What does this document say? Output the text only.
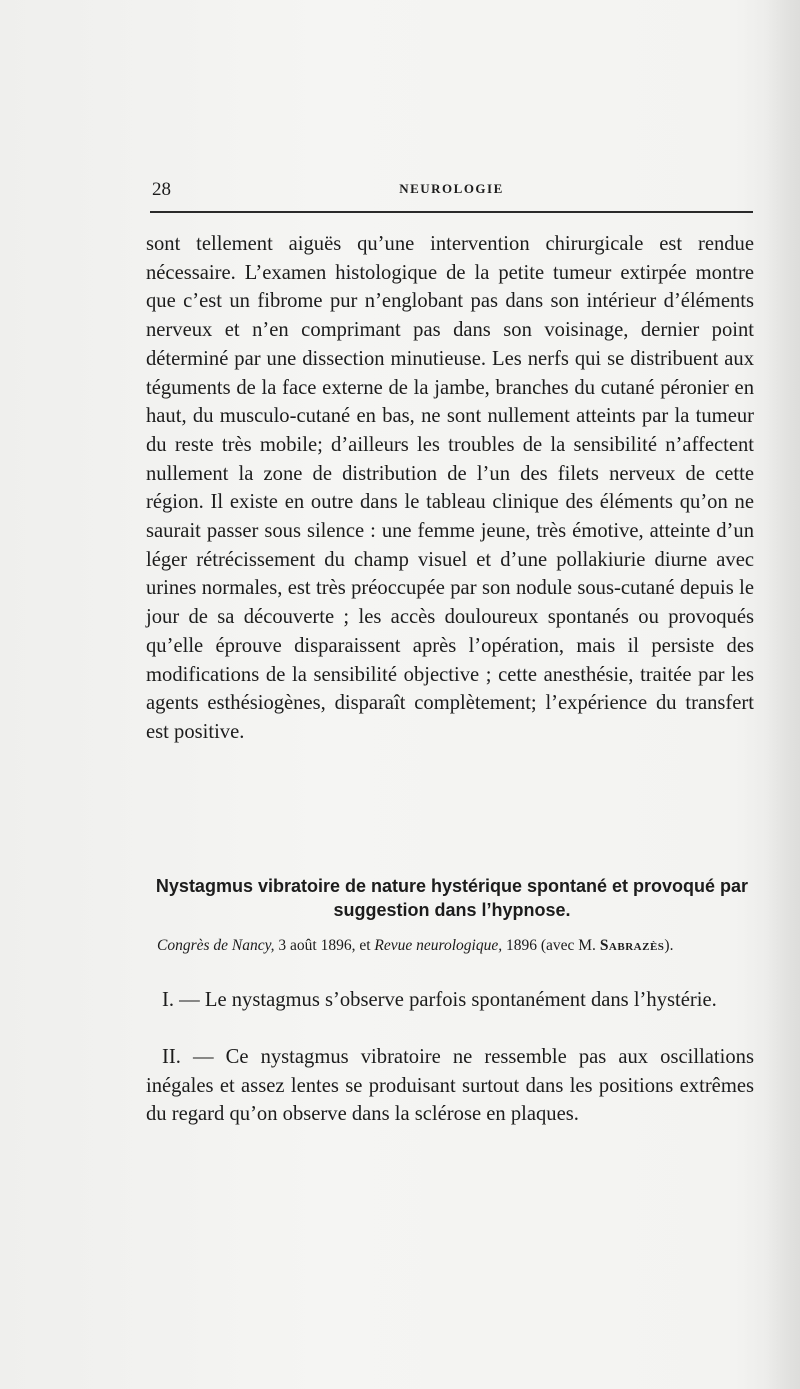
28	NEUROLOGIE

sont tellement aiguës qu’une intervention chirurgicale est rendue nécessaire. L’examen histologique de la petite tumeur extirpée montre que c’est un fibrome pur n’englobant pas dans son intérieur d’éléments nerveux et n’en comprimant pas dans son voisinage, dernier point déterminé par une dissection minutieuse. Les nerfs qui se distribuent aux téguments de la face externe de la jambe, branches du cutané péronier en haut, du musculo-cutané en bas, ne sont nullement atteints par la tumeur du reste très mobile; d’ailleurs les troubles de la sensibilité n’affectent nullement la zone de distribution de l’un des filets nerveux de cette région. Il existe en outre dans le tableau clinique des éléments qu’on ne saurait passer sous silence : une femme jeune, très émotive, atteinte d’un léger rétrécissement du champ visuel et d’une pollakiurie diurne avec urines normales, est très préoccupée par son nodule sous-cutané depuis le jour de sa découverte ; les accès douloureux spontanés ou provoqués qu’elle éprouve disparaissent après l’opération, mais il persiste des modifications de la sensibilité objective ; cette anesthésie, traitée par les agents esthésiogènes, disparaît complètement; l’expérience du transfert est positive.

Nystagmus vibratoire de nature hystérique spontané et provoqué par suggestion dans l’hypnose.

Congrès de Nancy, 3 août 1896, et Revue neurologique, 1896 (avec M. Sabrazès).

I. — Le nystagmus s’observe parfois spontanément dans l’hystérie.

II. — Ce nystagmus vibratoire ne ressemble pas aux oscillations inégales et assez lentes se produisant surtout dans les positions extrêmes du regard qu’on observe dans la sclérose en plaques.
